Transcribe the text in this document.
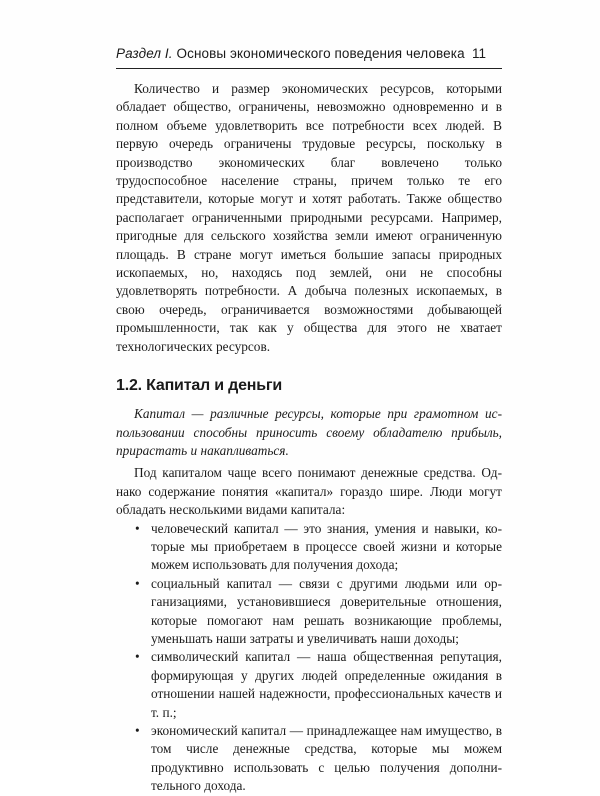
Раздел I. Основы экономического поведения человека 11

Количество и размер экономических ресурсов, которыми обладает общество, ограничены, невозможно одновременно и в полном объеме удовлетворить все потребности всех людей. В первую очередь ограничены трудовые ресурсы, поскольку в производство экономических благ вовлечено только трудоспособное население страны, причем только те его представители, которые могут и хотят работать. Также общество располагает ограниченными природными ресурсами. Например, пригодные для сельского хозяйства земли имеют ограниченную площадь. В стране могут иметься большие запасы природных ископаемых, но, находясь под землей, они не способны удовлетворять потребности. А добыча полезных ископаемых, в свою очередь, ограничивается возможностями добывающей промышленности, так как у общества для этого не хватает технологических ресурсов.

1.2. Капитал и деньги

Капитал — различные ресурсы, которые при грамотном использовании способны приносить своему обладателю прибыль, прирастать и накапливаться.

Под капиталом чаще всего понимают денежные средства. Однако содержание понятия «капитал» гораздо шире. Люди могут обладать несколькими видами капитала:

• человеческий капитал — это знания, умения и навыки, которые мы приобретаем в процессе своей жизни и которые можем использовать для получения дохода;
• социальный капитал — связи с другими людьми или организациями, установившиеся доверительные отношения, которые помогают нам решать возникающие проблемы, уменьшать наши затраты и увеличивать наши доходы;
• символический капитал — наша общественная репутация, формирующая у других людей определенные ожидания в отношении нашей надежности, профессиональных качеств и т. п.;
• экономический капитал — принадлежащее нам имущество, в том числе денежные средства, которые мы можем продуктивно использовать с целью получения дополнительного дохода.
